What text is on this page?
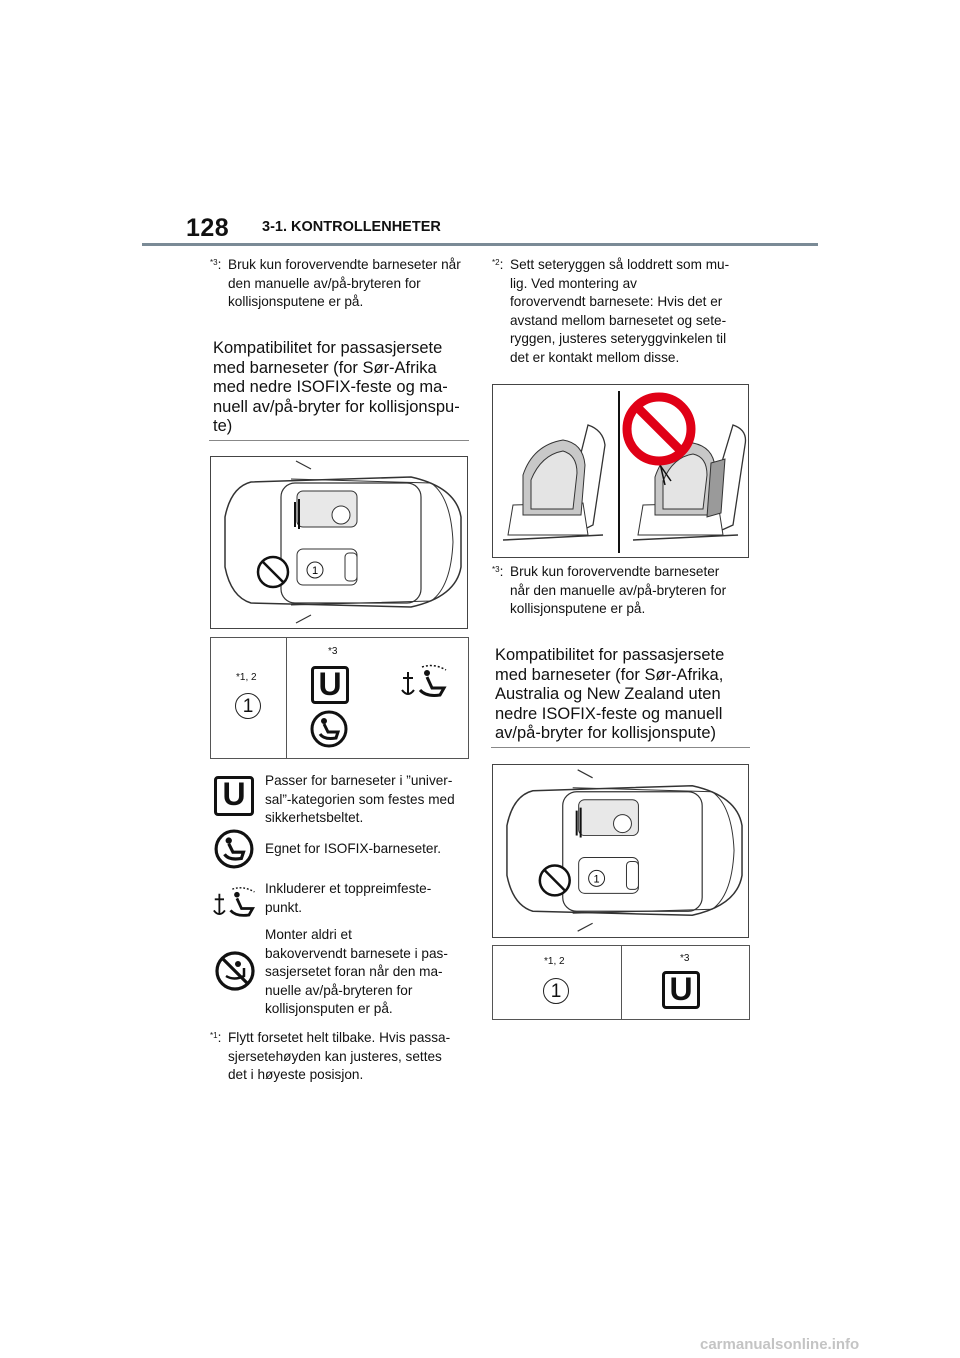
128 3-1. KONTROLLENHETER
$^{*3}$: Bruk kun forovervendte barneseter når den manuelle av/på-bryteren for kollisjonsputene er på.
Kompatibilitet for passasjersete
med barneseter (for Sør-Afrika
med nedre ISOFIX-feste og ma-
nuell av/på-bryter for kollisjonspu-
te)
1
*1, 2
1
*3
U
U	Passer for barneseter i ”univer-
sal”-kategorien som festes med
sikkerhetsbeltet.
Egnet for ISOFIX-barneseter.
Inkluderer et toppreimfeste-
punkt.
Monter aldri et
bakovervendt barnesete i pas-
sasjersetet foran når den ma-
nuelle av/på-bryteren for
kollisjonsputen er på.
$^{*1}$: Flytt forsetet helt tilbake. Hvis passa-
sjersetehøyden kan justeres, settes
det i høyeste posisjon.
$^{*2}$: Sett seteryggen så loddrett som mu-
lig. Ved montering av
forovervendt barnesete: Hvis det er
avstand mellom barnesetet og sete-
ryggen, justeres seteryggvinkelen til
det er kontakt mellom disse.
$^{*3}$: Bruk kun forovervendte barneseter
når den manuelle av/på-bryteren for
kollisjonsputene er på.
Kompatibilitet for passasjersete
med barneseter (for Sør-Afrika,
Australia og New Zealand uten
nedre ISOFIX-feste og manuell
av/på-bryter for kollisjonspute)
1
*1, 2
1
*3
U
carmanualsonline.info
